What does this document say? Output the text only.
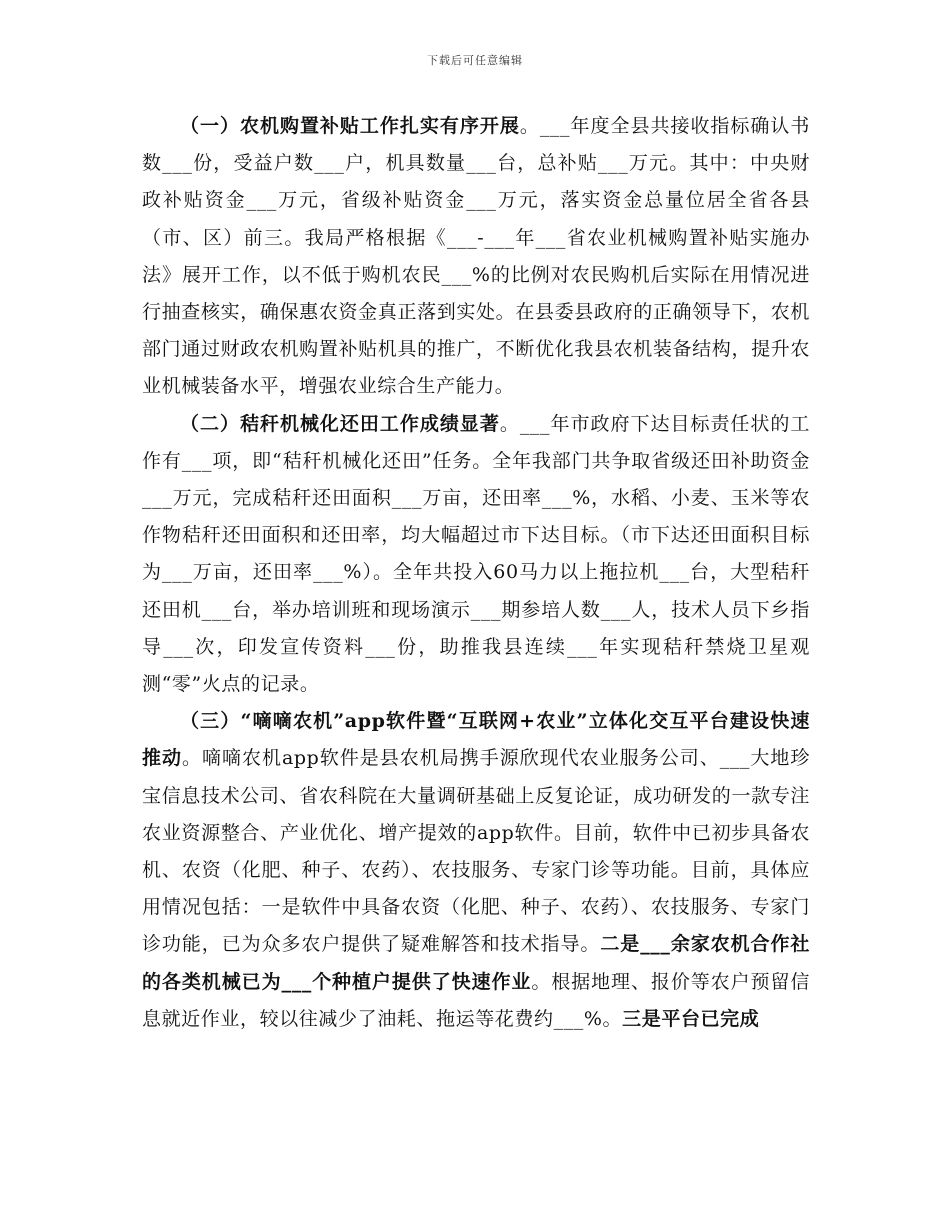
下载后可任意编辑

（一）农机购置补贴工作扎实有序开展。___年度全县共接收指标确认书数___份，受益户数___户，机具数量___台，总补贴___万元。其中：中央财政补贴资金___万元，省级补贴资金___万元，落实资金总量位居全省各县（市、区）前三。我局严格根据《___-___年___省农业机械购置补贴实施办法》展开工作，以不低于购机农民___%的比例对农民购机后实际在用情况进行抽查核实，确保惠农资金真正落到实处。在县委县政府的正确领导下，农机部门通过财政农机购置补贴机具的推广，不断优化我县农机装备结构，提升农业机械装备水平，增强农业综合生产能力。

（二）秸秆机械化还田工作成绩显著。___年市政府下达目标责任状的工作有___项，即“秸秆机械化还田”任务。全年我部门共争取省级还田补助资金___万元，完成秸秆还田面积___万亩，还田率___%，水稻、小麦、玉米等农作物秸秆还田面积和还田率，均大幅超过市下达目标。（市下达还田面积目标为___万亩，还田率___%）。全年共投入60马力以上拖拉机___台，大型秸秆还田机___台，举办培训班和现场演示___期参培人数___人，技术人员下乡指导___次，印发宣传资料___份，助推我县连续___年实现秸秆禁烧卫星观测“零”火点的记录。

（三）“嘀嘀农机”app软件暨“互联网+农业”立体化交互平台建设快速推动。嘀嘀农机app软件是县农机局携手源欣现代农业服务公司、___大地珍宝信息技术公司、省农科院在大量调研基础上反复论证，成功研发的一款专注农业资源整合、产业优化、增产提效的app软件。目前，软件中已初步具备农机、农资（化肥、种子、农药）、农技服务、专家门诊等功能。目前，具体应用情况包括：一是软件中具备农资（化肥、种子、农药）、农技服务、专家门诊功能，已为众多农户提供了疑难解答和技术指导。二是___余家农机合作社的各类机械已为___个种植户提供了快速作业。根据地理、报价等农户预留信息就近作业，较以往减少了油耗、拖运等花费约___%。三是平台已完成
